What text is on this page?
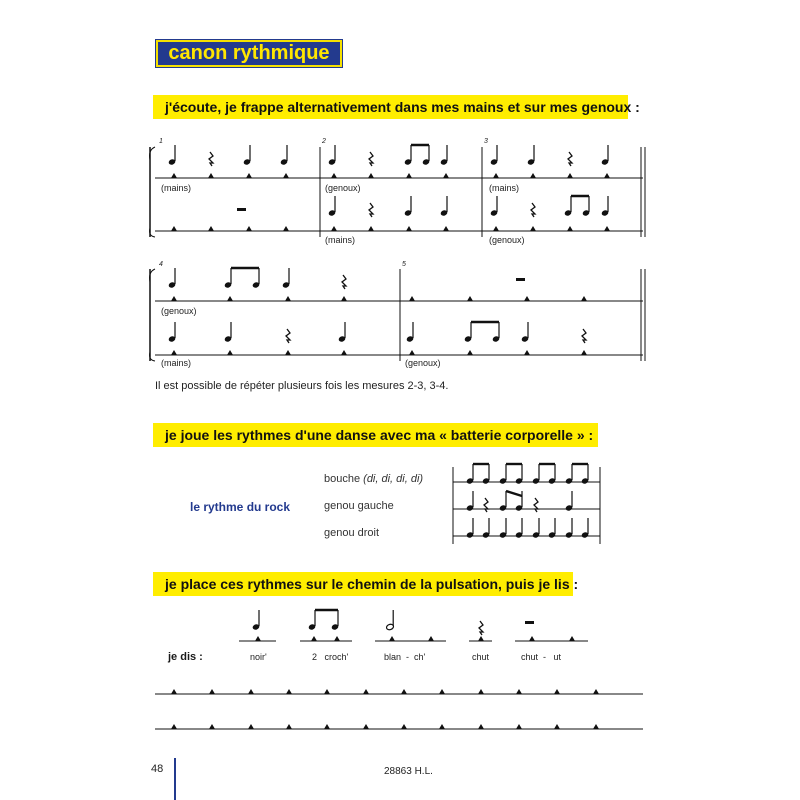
canon rythmique
j'écoute, je frappe alternativement dans mes mains et sur mes genoux :
je joue les rythmes d'une danse avec ma « batterie corporelle » :
je place ces rythmes sur le chemin de la pulsation, puis je lis :
1	2	3
4	5
(mains)	(genoux)	(mains)
(mains)	(genoux)
(genoux)
(mains)	(genoux)
Il est possible de répéter plusieurs fois les mesures 2-3, 3-4.
le rythme du rock
bouche (di, di, di, di)
genou gauche
genou droit
je dis :	noir'	2   croch'	blan  -  ch'	chut	chut  -   ut
48	28863 H.L.
